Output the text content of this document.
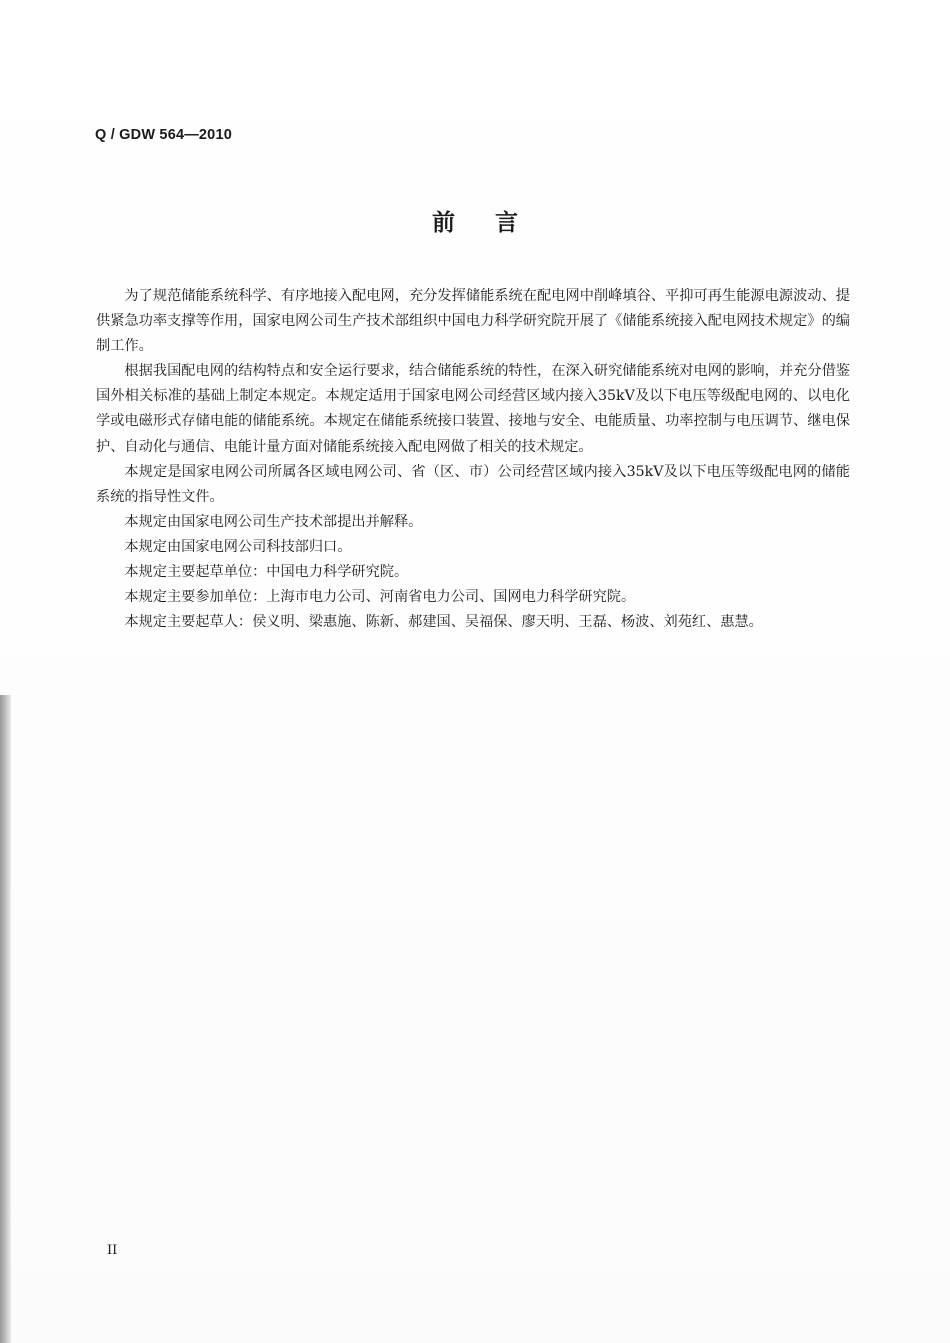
Q / GDW 564—2010
前言

为了规范储能系统科学、有序地接入配电网，充分发挥储能系统在配电网中削峰填谷、平抑可再生能源电源波动、提供紧急功率支撑等作用，国家电网公司生产技术部组织中国电力科学研究院开展了《储能系统接入配电网技术规定》的编制工作。

根据我国配电网的结构特点和安全运行要求，结合储能系统的特性，在深入研究储能系统对电网的影响，并充分借鉴国外相关标准的基础上制定本规定。本规定适用于国家电网公司经营区域内接入35kV及以下电压等级配电网的、以电化学或电磁形式存储电能的储能系统。本规定在储能系统接口装置、接地与安全、电能质量、功率控制与电压调节、继电保护、自动化与通信、电能计量方面对储能系统接入配电网做了相关的技术规定。

本规定是国家电网公司所属各区域电网公司、省（区、市）公司经营区域内接入35kV及以下电压等级配电网的储能系统的指导性文件。

本规定由国家电网公司生产技术部提出并解释。

本规定由国家电网公司科技部归口。

本规定主要起草单位：中国电力科学研究院。

本规定主要参加单位：上海市电力公司、河南省电力公司、国网电力科学研究院。

本规定主要起草人：侯义明、梁惠施、陈新、郝建国、吴福保、廖天明、王磊、杨波、刘苑红、惠慧。

II
